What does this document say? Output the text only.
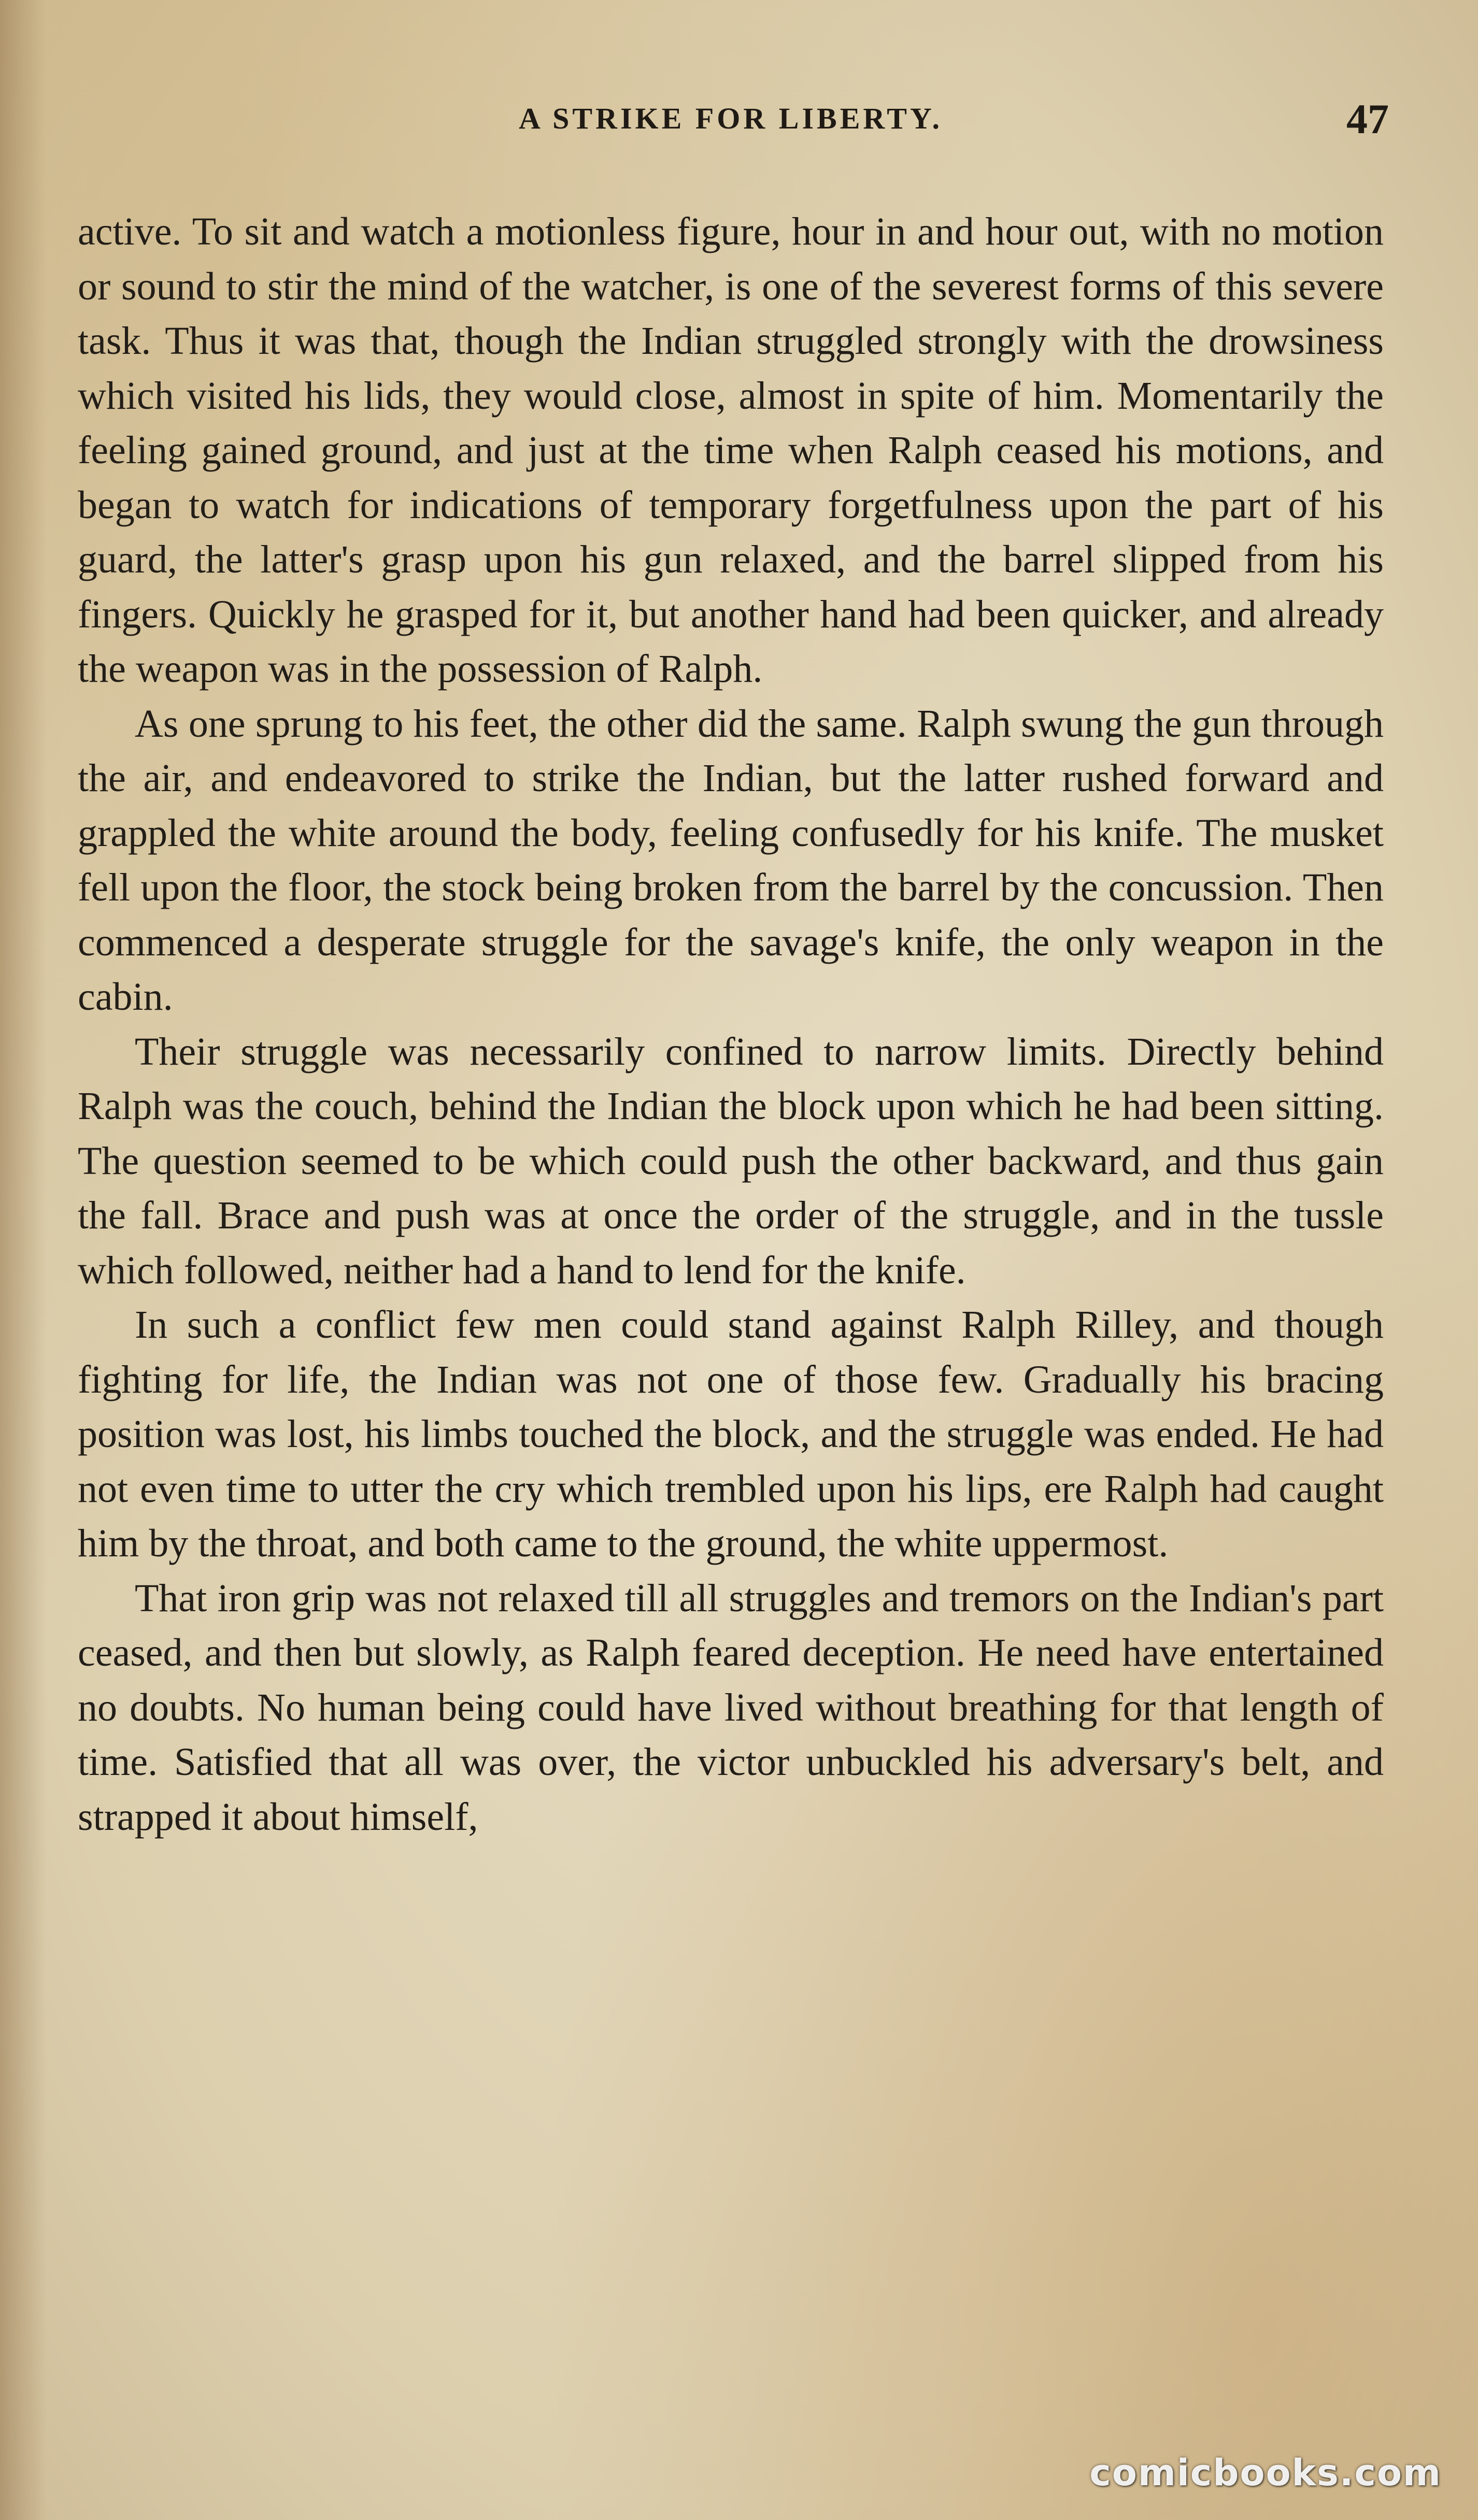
A STRIKE FOR LIBERTY.	47

active. To sit and watch a motionless figure, hour in and hour out, with no motion or sound to stir the mind of the watcher, is one of the severest forms of this severe task. Thus it was that, though the Indian struggled strongly with the drowsiness which visited his lids, they would close, almost in spite of him. Momentarily the feeling gained ground, and just at the time when Ralph ceased his motions, and began to watch for indications of temporary forgetfulness upon the part of his guard, the latter's grasp upon his gun relaxed, and the barrel slipped from his fingers. Quickly he grasped for it, but another hand had been quicker, and already the weapon was in the possession of Ralph.

As one sprung to his feet, the other did the same. Ralph swung the gun through the air, and endeavored to strike the Indian, but the latter rushed forward and grappled the white around the body, feeling confusedly for his knife. The musket fell upon the floor, the stock being broken from the barrel by the concussion. Then commenced a desperate struggle for the savage's knife, the only weapon in the cabin.

Their struggle was necessarily confined to narrow limits. Directly behind Ralph was the couch, behind the Indian the block upon which he had been sitting. The question seemed to be which could push the other backward, and thus gain the fall. Brace and push was at once the order of the struggle, and in the tussle which followed, neither had a hand to lend for the knife.

In such a conflict few men could stand against Ralph Rilley, and though fighting for life, the Indian was not one of those few. Gradually his bracing position was lost, his limbs touched the block, and the struggle was ended. He had not even time to utter the cry which trembled upon his lips, ere Ralph had caught him by the throat, and both came to the ground, the white uppermost.

That iron grip was not relaxed till all struggles and tremors on the Indian's part ceased, and then but slowly, as Ralph feared deception. He need have entertained no doubts. No human being could have lived without breathing for that length of time. Satisfied that all was over, the victor unbuckled his adversary's belt, and strapped it about himself,

comicbooks.com
